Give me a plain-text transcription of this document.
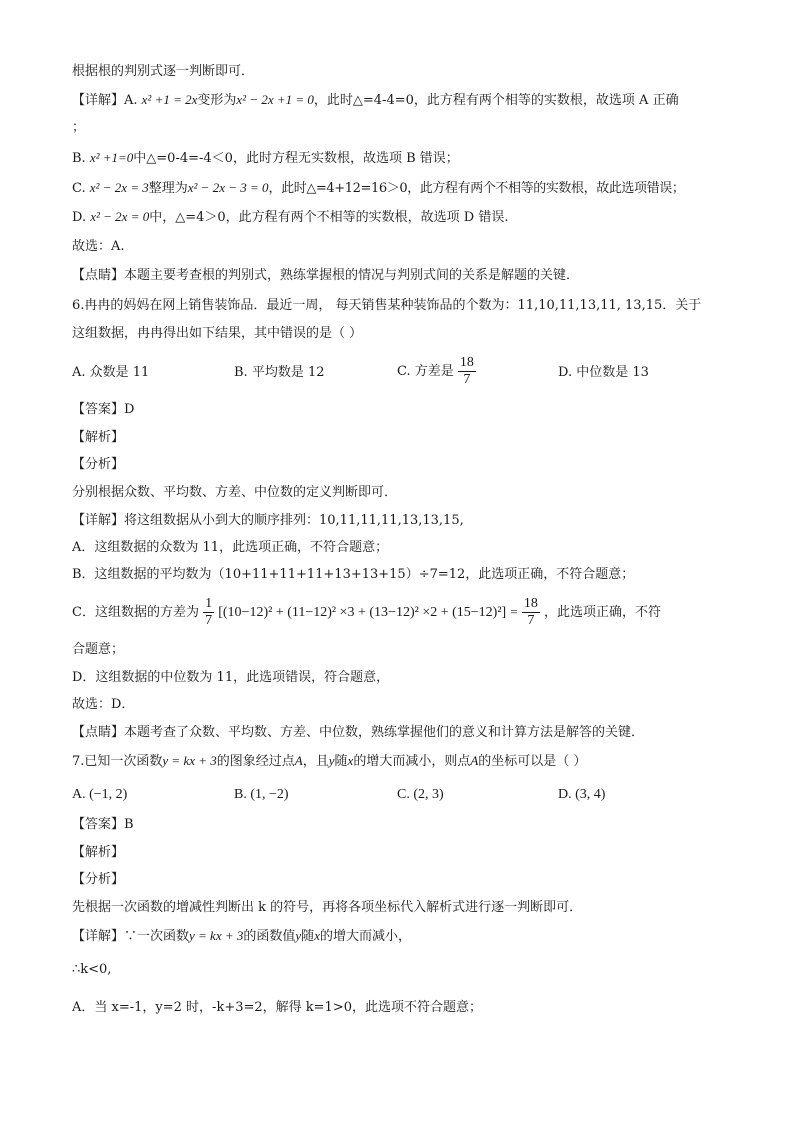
根据根的判别式逐一判断即可．
【详解】A. x² +1 = 2x变形为x² − 2x +1 = 0，此时△=4-4=0，此方程有两个相等的实数根，故选项 A 正确
；
B. x² +1=0中△=0-4=-4＜0，此时方程无实数根，故选项 B 错误；
C. x² − 2x = 3整理为x² − 2x − 3 = 0，此时△=4+12=16＞0，此方程有两个不相等的实数根，故此选项错误；
D. x² − 2x = 0中，△=4＞0，此方程有两个不相等的实数根，故选项 D 错误.
故选：A.
【点睛】本题主要考查根的判别式，熟练掌握根的情况与判别式间的关系是解题的关键．
6.冉冉的妈妈在网上销售装饰品．最近一周， 每天销售某种装饰品的个数为：11,10,11,13,11, 13,15．关于
这组数据，冉冉得出如下结果，其中错误的是（ ）
A. 众数是 11	B. 平均数是 12	C. 方差是 $\frac{18}{7}$	D. 中位数是 13
【答案】D
【解析】
【分析】
分别根据众数、平均数、方差、中位数的定义判断即可．
【详解】将这组数据从小到大的顺序排列：10,11,11,11,13,13,15,
A．这组数据的众数为 11，此选项正确，不符合题意；
B．这组数据的平均数为（10+11+11+11+13+13+15）÷7=12，此选项正确，不符合题意；
C．这组数据的方差为 $\frac{1}{7} [(10-12)^2 + (11-12)^2 \times 3 + (13-12)^2 \times 2 + (15-12)^2] = \frac{18}{7}$ ，此选项正确，不符
合题意；
D．这组数据的中位数为 11，此选项错误，符合题意，
故选：D．
【点睛】本题考查了众数、平均数、方差、中位数，熟练掌握他们的意义和计算方法是解答的关键．
7.已知一次函数y = kx + 3的图象经过点A，且y随x的增大而减小，则点A的坐标可以是（ ）
A. (−1, 2)	B. (1, −2)	C. (2, 3)	D. (3, 4)
【答案】B
【解析】
【分析】
先根据一次函数的增减性判断出 k 的符号，再将各项坐标代入解析式进行逐一判断即可．
【详解】∵一次函数y = kx + 3的函数值y随x的增大而减小，
∴k<0,
A．当 x=-1，y=2 时，-k+3=2，解得 k=1>0，此选项不符合题意；
